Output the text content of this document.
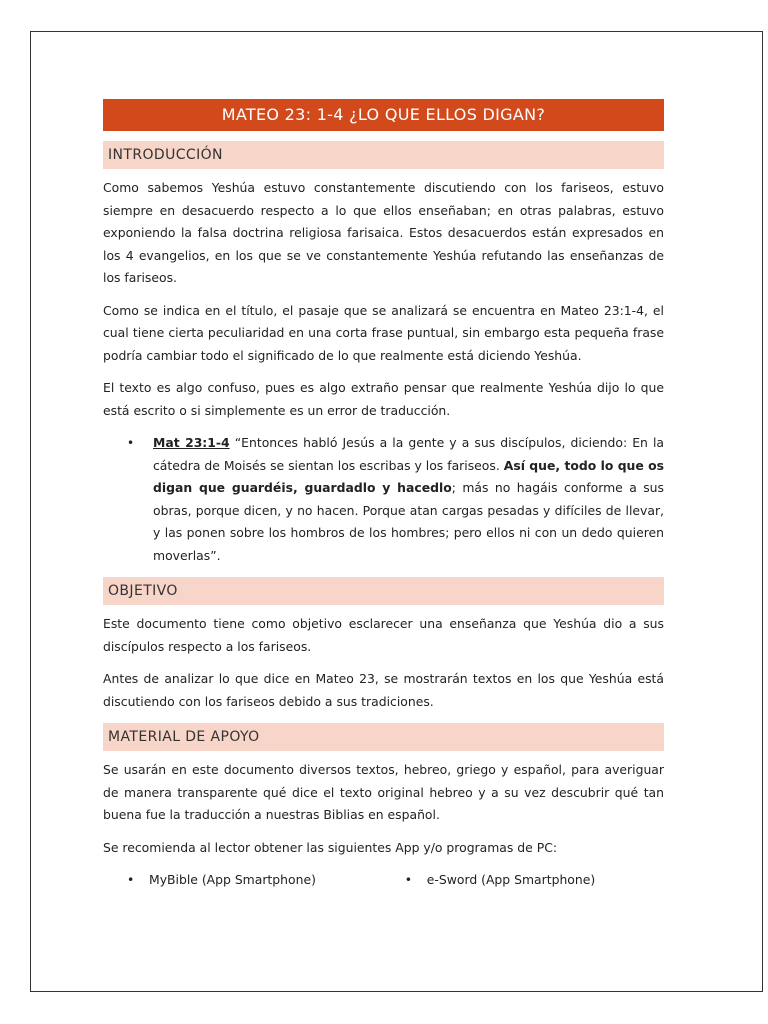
MATEO 23: 1-4 ¿LO QUE ELLOS DIGAN?
INTRODUCCIÓN

Como sabemos Yeshúa estuvo constantemente discutiendo con los fariseos, estuvo siempre en desacuerdo respecto a lo que ellos enseñaban; en otras palabras, estuvo exponiendo la falsa doctrina religiosa farisaica. Estos desacuerdos están expresados en los 4 evangelios, en los que se ve constantemente Yeshúa refutando las enseñanzas de los fariseos.

Como se indica en el título, el pasaje que se analizará se encuentra en Mateo 23:1-4, el cual tiene cierta peculiaridad en una corta frase puntual, sin embargo esta pequeña frase podría cambiar todo el significado de lo que realmente está diciendo Yeshúa.

El texto es algo confuso, pues es algo extraño pensar que realmente Yeshúa dijo lo que está escrito o si simplemente es un error de traducción.

• Mat 23:1-4 “Entonces habló Jesús a la gente y a sus discípulos, diciendo: En la cátedra de Moisés se sientan los escribas y los fariseos. Así que, todo lo que os digan que guardéis, guardadlo y hacedlo; más no hagáis conforme a sus obras, porque dicen, y no hacen. Porque atan cargas pesadas y difíciles de llevar, y las ponen sobre los hombros de los hombres; pero ellos ni con un dedo quieren moverlas”.
OBJETIVO

Este documento tiene como objetivo esclarecer una enseñanza que Yeshúa dio a sus discípulos respecto a los fariseos.

Antes de analizar lo que dice en Mateo 23, se mostrarán textos en los que Yeshúa está discutiendo con los fariseos debido a sus tradiciones.

MATERIAL DE APOYO

Se usarán en este documento diversos textos, hebreo, griego y español, para averiguar de manera transparente qué dice el texto original hebreo y a su vez descubrir qué tan buena fue la traducción a nuestras Biblias en español.

Se recomienda al lector obtener las siguientes App y/o programas de PC:

• MyBible (App Smartphone)	• e-Sword (App Smartphone)
